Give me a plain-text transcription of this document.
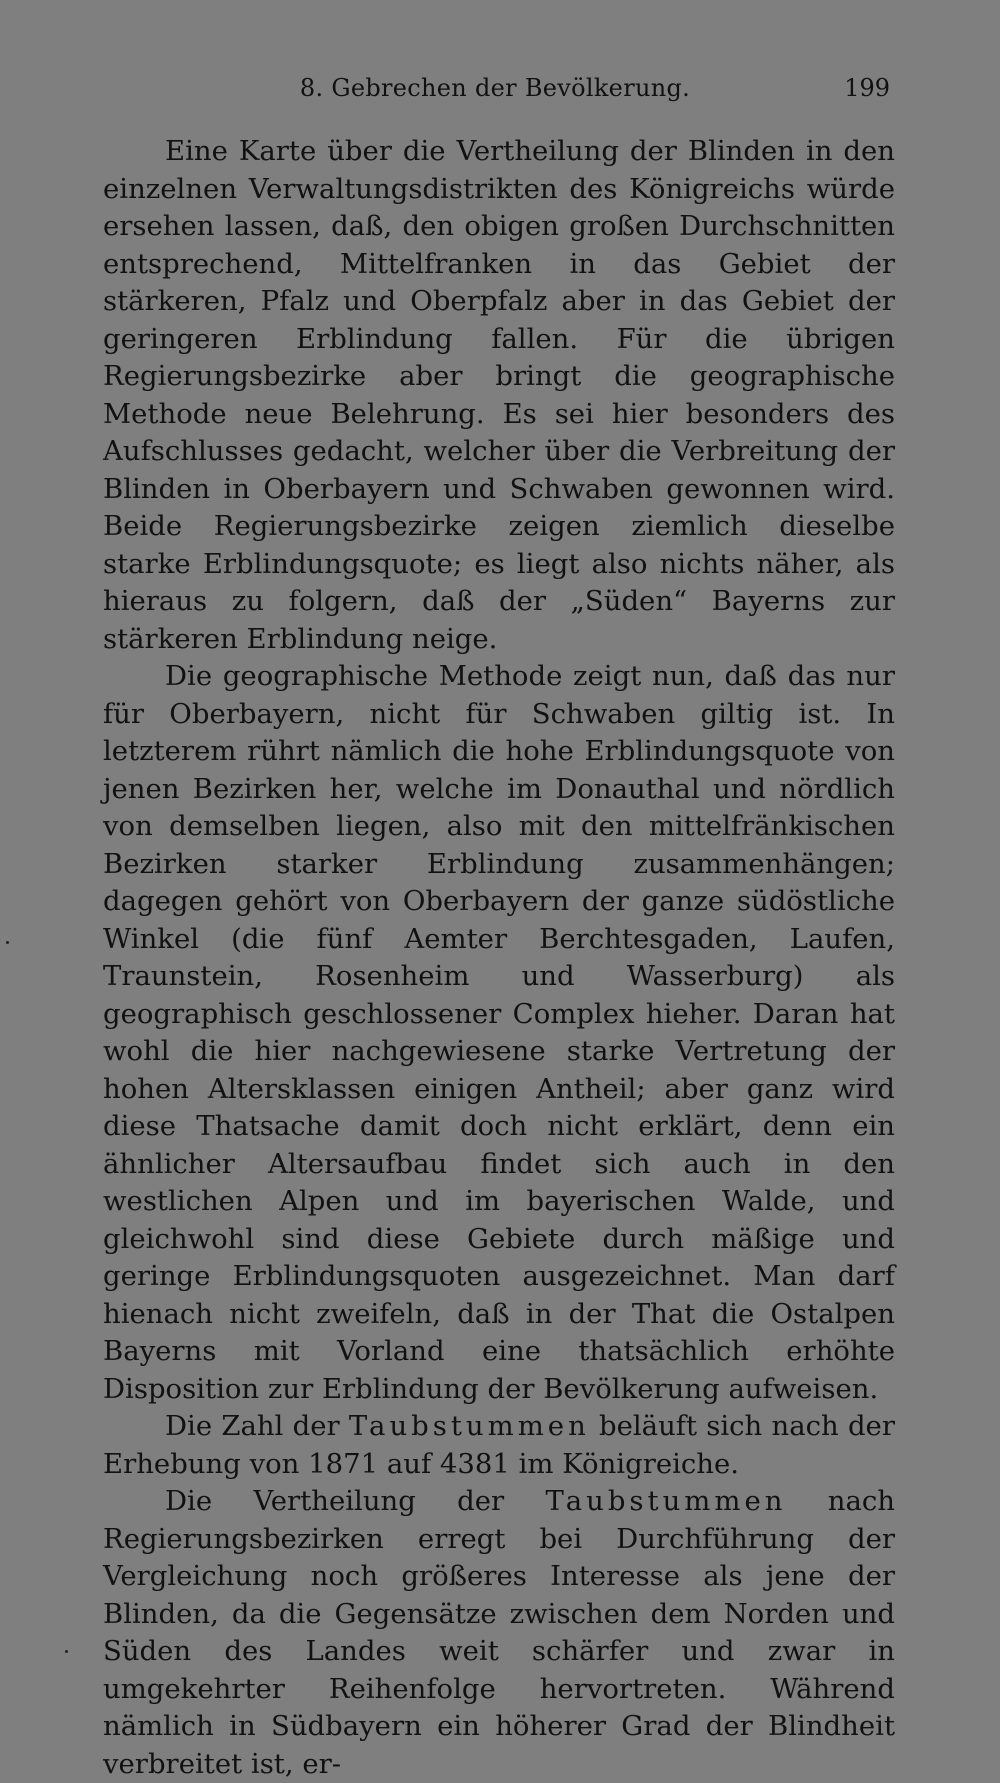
8. Gebrechen der Bevölkerung.	199

Eine Karte über die Vertheilung der Blinden in den einzelnen Verwaltungsdistrikten des Königreichs würde ersehen lassen, daß, den obigen großen Durchschnitten entsprechend, Mittelfranken in das Gebiet der stärkeren, Pfalz und Oberpfalz aber in das Gebiet der geringeren Erblindung fallen. Für die übrigen Regierungsbezirke aber bringt die geographische Methode neue Belehrung. Es sei hier besonders des Aufschlusses gedacht, welcher über die Verbreitung der Blinden in Oberbayern und Schwaben gewonnen wird. Beide Regierungsbezirke zeigen ziemlich dieselbe starke Erblindungsquote; es liegt also nichts näher, als hieraus zu folgern, daß der „Süden“ Bayerns zur stärkeren Erblindung neige.

Die geographische Methode zeigt nun, daß das nur für Oberbayern, nicht für Schwaben giltig ist. In letzterem rührt nämlich die hohe Erblindungsquote von jenen Bezirken her, welche im Donauthal und nördlich von demselben liegen, also mit den mittelfränkischen Bezirken starker Erblindung zusammenhängen; dagegen gehört von Oberbayern der ganze südöstliche Winkel (die fünf Aemter Berchtesgaden, Laufen, Traunstein, Rosenheim und Wasserburg) als geographisch geschlossener Complex hieher. Daran hat wohl die hier nachgewiesene starke Vertretung der hohen Altersklassen einigen Antheil; aber ganz wird diese Thatsache damit doch nicht erklärt, denn ein ähnlicher Altersaufbau findet sich auch in den westlichen Alpen und im bayerischen Walde, und gleichwohl sind diese Gebiete durch mäßige und geringe Erblindungsquoten ausgezeichnet. Man darf hienach nicht zweifeln, daß in der That die Ostalpen Bayerns mit Vorland eine thatsächlich erhöhte Disposition zur Erblindung der Bevölkerung aufweisen.

Die Zahl der Taubstummen beläuft sich nach der Erhebung von 1871 auf 4381 im Königreiche.

Die Vertheilung der Taubstummen nach Regierungsbezirken erregt bei Durchführung der Vergleichung noch größeres Interesse als jene der Blinden, da die Gegensätze zwischen dem Norden und Süden des Landes weit schärfer und zwar in umgekehrter Reihenfolge hervortreten. Während nämlich in Südbayern ein höherer Grad der Blindheit verbreitet ist, er-
